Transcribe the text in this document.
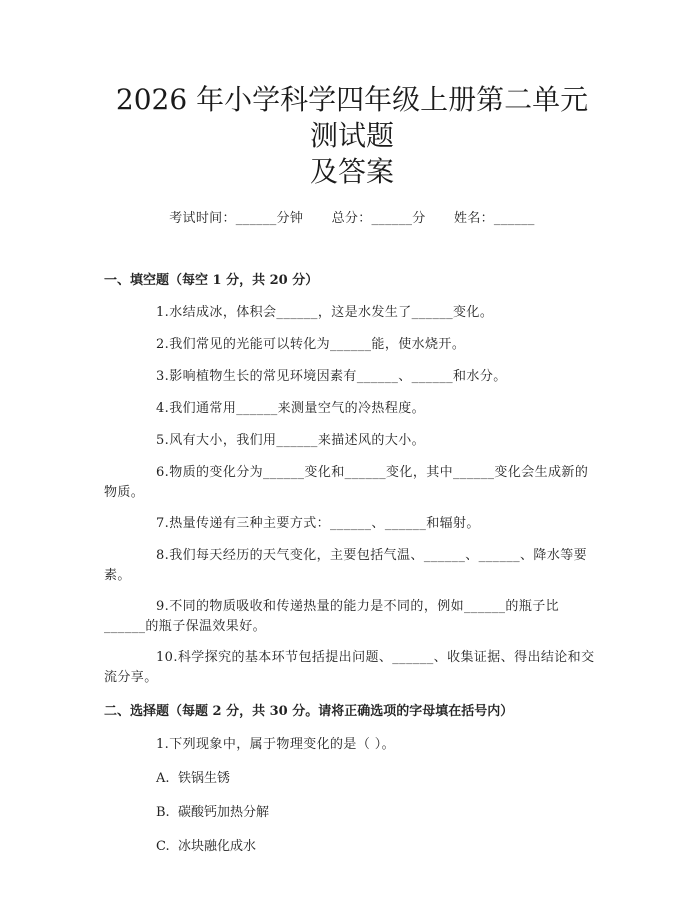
2026 年小学科学四年级上册第二单元测试题
及答案
考试时间：______分钟 总分：______分 姓名：______
一、填空题（每空 1 分，共 20 分）

1.水结成冰，体积会______，这是水发生了______变化。

2.我们常见的光能可以转化为______能，使水烧开。

3.影响植物生长的常见环境因素有______、______和水分。

4.我们通常用______来测量空气的冷热程度。

5.风有大小，我们用______来描述风的大小。

6.物质的变化分为______变化和______变化，其中______变化会生成新的物质。

7.热量传递有三种主要方式：______、______和辐射。

8.我们每天经历的天气变化，主要包括气温、______、______、降水等要素。

9.不同的物质吸收和传递热量的能力是不同的，例如______的瓶子比______的瓶子保温效果好。

10.科学探究的基本环节包括提出问题、______、收集证据、得出结论和交流分享。

二、选择题（每题 2 分，共 30 分。请将正确选项的字母填在括号内）

1.下列现象中，属于物理变化的是（ ）。

A. 铁锅生锈

B. 碳酸钙加热分解

C. 冰块融化成水
